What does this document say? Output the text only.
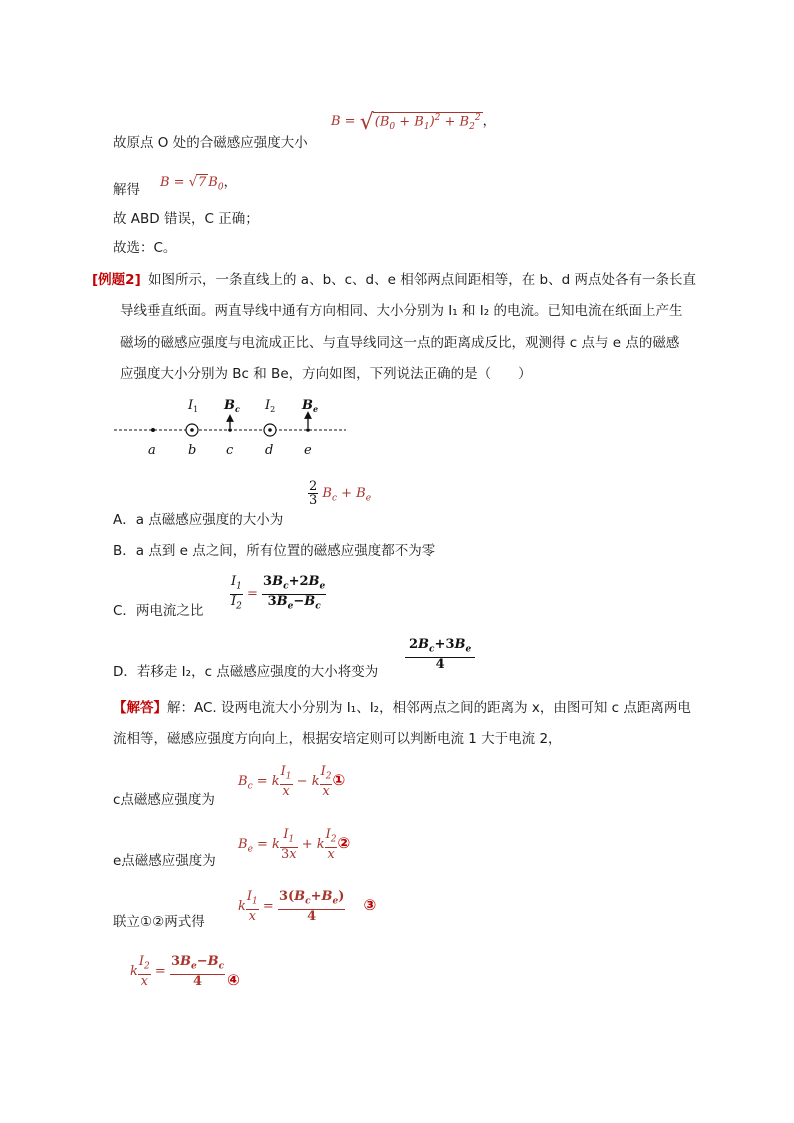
故原点 O 处的合磁感应强度大小
$B = √(B_0 + B_1)^2 + B_2^2$ ，
解得 B = √7 $B_0$，
故 ABD 错误，C 正确；
故选：C。
[例题2] 如图所示，一条直线上的 a、b、c、d、e 相邻两点间距相等，在 b、d 两点处各有一条长直
导线垂直纸面。两直导线中通有方向相同、大小分别为 I₁ 和 I₂ 的电流。已知电流在纸面上产生
磁场的磁感应强度与电流成正比、与直导线同这一点的距离成反比，观测得 c 点与 e 点的磁感
应强度大小分别为 Bc 和 Be，方向如图，下列说法正确的是（　　）
$I_1$ $B_c$ $I_2$ $B_e$
a b c d e
A．a 点磁感应强度的大小为
$\frac{2}{3} B_c + B_e$
B．a 点到 e 点之间，所有位置的磁感应强度都不为零
C．两电流之比 $\frac{I_1}{I_2} = \frac{3B_c+2B_e}{3B_e-B_c}$
D．若移走 I₂，c 点磁感应强度的大小将变为
$\frac{2B_c+3B_e}{4}$
【解答】解：AC. 设两电流大小分别为 I₁、I₂，相邻两点之间的距离为 x，由图可知 c 点距离两电
流相等，磁感应强度方向向上，根据安培定则可以判断电流 1 大于电流 2，
c点磁感应强度为
$B_c = k \frac{I_1}{x} - k \frac{I_2}{x}$ ①
e点磁感应强度为
$B_e = k \frac{I_1}{3x} + k \frac{I_2}{x}$ ②
联立①②两式得
k $\frac{I_1}{x} = \frac{3(B_c+B_e)}{4}$ ③
k $\frac{I_2}{x} = \frac{3B_e-B_c}{4}$ ④
